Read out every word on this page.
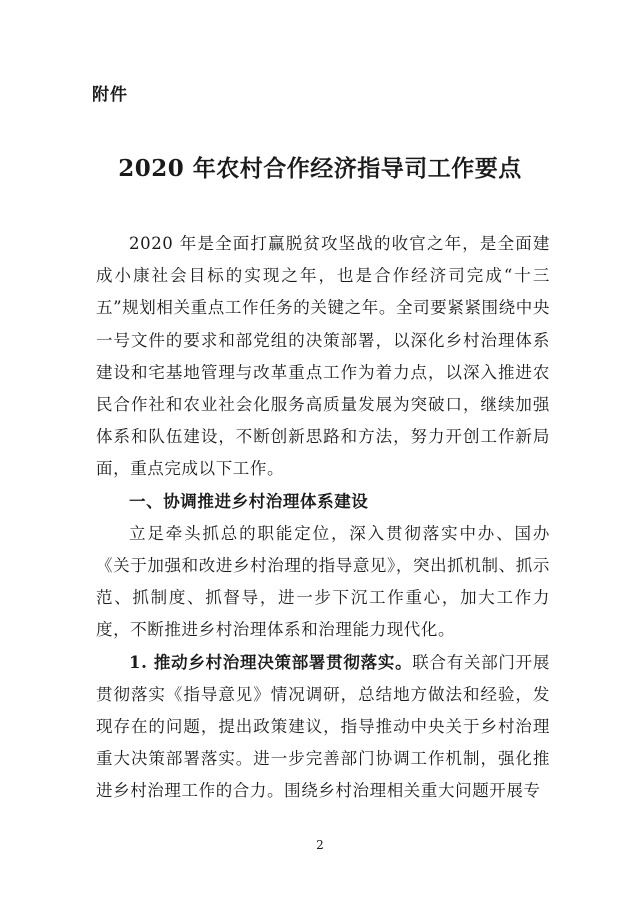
附件
2020 年农村合作经济指导司工作要点

2020 年是全面打赢脱贫攻坚战的收官之年，是全面建成小康社会目标的实现之年，也是合作经济司完成“十三五”规划相关重点工作任务的关键之年。全司要紧紧围绕中央一号文件的要求和部党组的决策部署，以深化乡村治理体系建设和宅基地管理与改革重点工作为着力点，以深入推进农民合作社和农业社会化服务高质量发展为突破口，继续加强体系和队伍建设，不断创新思路和方法，努力开创工作新局面，重点完成以下工作。

一、协调推进乡村治理体系建设

立足牵头抓总的职能定位，深入贯彻落实中办、国办《关于加强和改进乡村治理的指导意见》，突出抓机制、抓示范、抓制度、抓督导，进一步下沉工作重心，加大工作力度，不断推进乡村治理体系和治理能力现代化。

1. 推动乡村治理决策部署贯彻落实。联合有关部门开展贯彻落实《指导意见》情况调研，总结地方做法和经验，发现存在的问题，提出政策建议，指导推动中央关于乡村治理重大决策部署落实。进一步完善部门协调工作机制，强化推进乡村治理工作的合力。围绕乡村治理相关重大问题开展专

2
